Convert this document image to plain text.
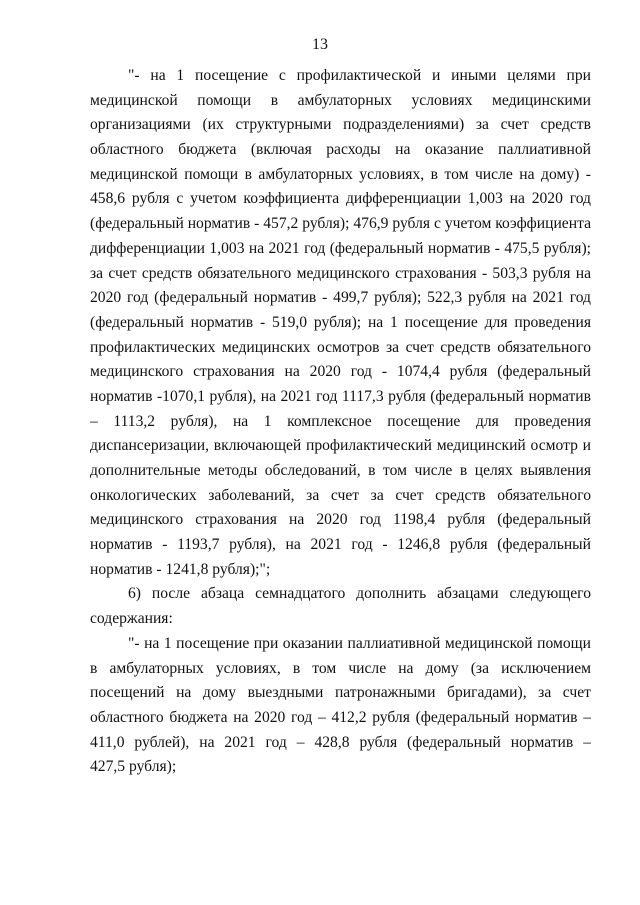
13
"- на 1 посещение с профилактической и иными целями при
медицинской помощи в амбулаторных условиях медицинскими
организациями (их структурными подразделениями) за счет средств
областного бюджета (включая расходы на оказание паллиативной
медицинской помощи в амбулаторных условиях, в том числе на дому) -
458,6 рубля с учетом коэффициента дифференциации 1,003 на 2020 год
(федеральный норматив - 457,2 рубля); 476,9 рубля с учетом коэффициента
дифференциации 1,003 на 2021 год (федеральный норматив - 475,5 рубля);
за счет средств обязательного медицинского страхования - 503,3 рубля на
2020 год (федеральный норматив - 499,7 рубля); 522,3 рубля на 2021 год
(федеральный норматив - 519,0 рубля); на 1 посещение для проведения
профилактических медицинских осмотров за счет средств обязательного
медицинского страхования на 2020 год - 1074,4 рубля (федеральный
норматив -1070,1 рубля), на 2021 год 1117,3 рубля (федеральный норматив
– 1113,2 рубля), на 1 комплексное посещение для проведения
диспансеризации, включающей профилактический медицинский осмотр и
дополнительные методы обследований, в том числе в целях выявления
онкологических заболеваний, за счет за счет средств обязательного
медицинского страхования на 2020 год 1198,4 рубля (федеральный
норматив - 1193,7 рубля), на 2021 год - 1246,8 рубля (федеральный
норматив - 1241,8 рубля);";
6) после абзаца семнадцатого дополнить абзацами следующего
содержания:
"- на 1 посещение при оказании паллиативной медицинской помощи
в амбулаторных условиях, в том числе на дому (за исключением
посещений на дому выездными патронажными бригадами), за счет
областного бюджета на 2020 год – 412,2 рубля (федеральный норматив –
411,0 рублей), на 2021 год – 428,8 рубля (федеральный норматив –
427,5 рубля);
